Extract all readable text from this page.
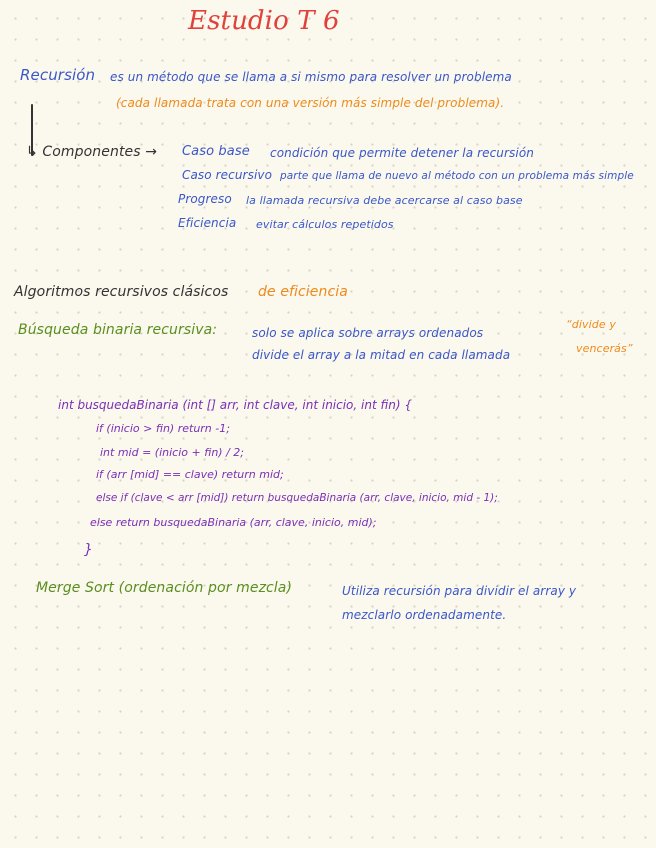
Estudio T 6
Recursión es un método que se llama a si mismo para resolver un problema
(cada llamada trata con una versión más simple del problema).
↳ Componentes → Caso base condición que permite detener la recursión
Caso recursivo parte que llama de nuevo al método con un problema más simple
Progreso la llamada recursiva debe acercarse al caso base
Eficiencia evitar cálculos repetidos
Algoritmos recursivos clásicos de eficiencia
Búsqueda binaria recursiva:	solo se aplica sobre arrays ordenados
divide el array a la mitad en cada llamada
“divide y
vencerás”
int busquedaBinaria (int [] arr, int clave, int inicio, int fin) {
if (inicio > fin) return -1;
int mid = (inicio + fin) / 2;
if (arr [mid] == clave) return mid;
else if (clave < arr [mid]) return busquedaBinaria (arr, clave, inicio, mid - 1);
else return busquedaBinaria (arr, clave, inicio, mid);
}
Merge Sort (ordenación por mezcla)	Utiliza recursión para dividir el array y
mezclarlo ordenadamente.
